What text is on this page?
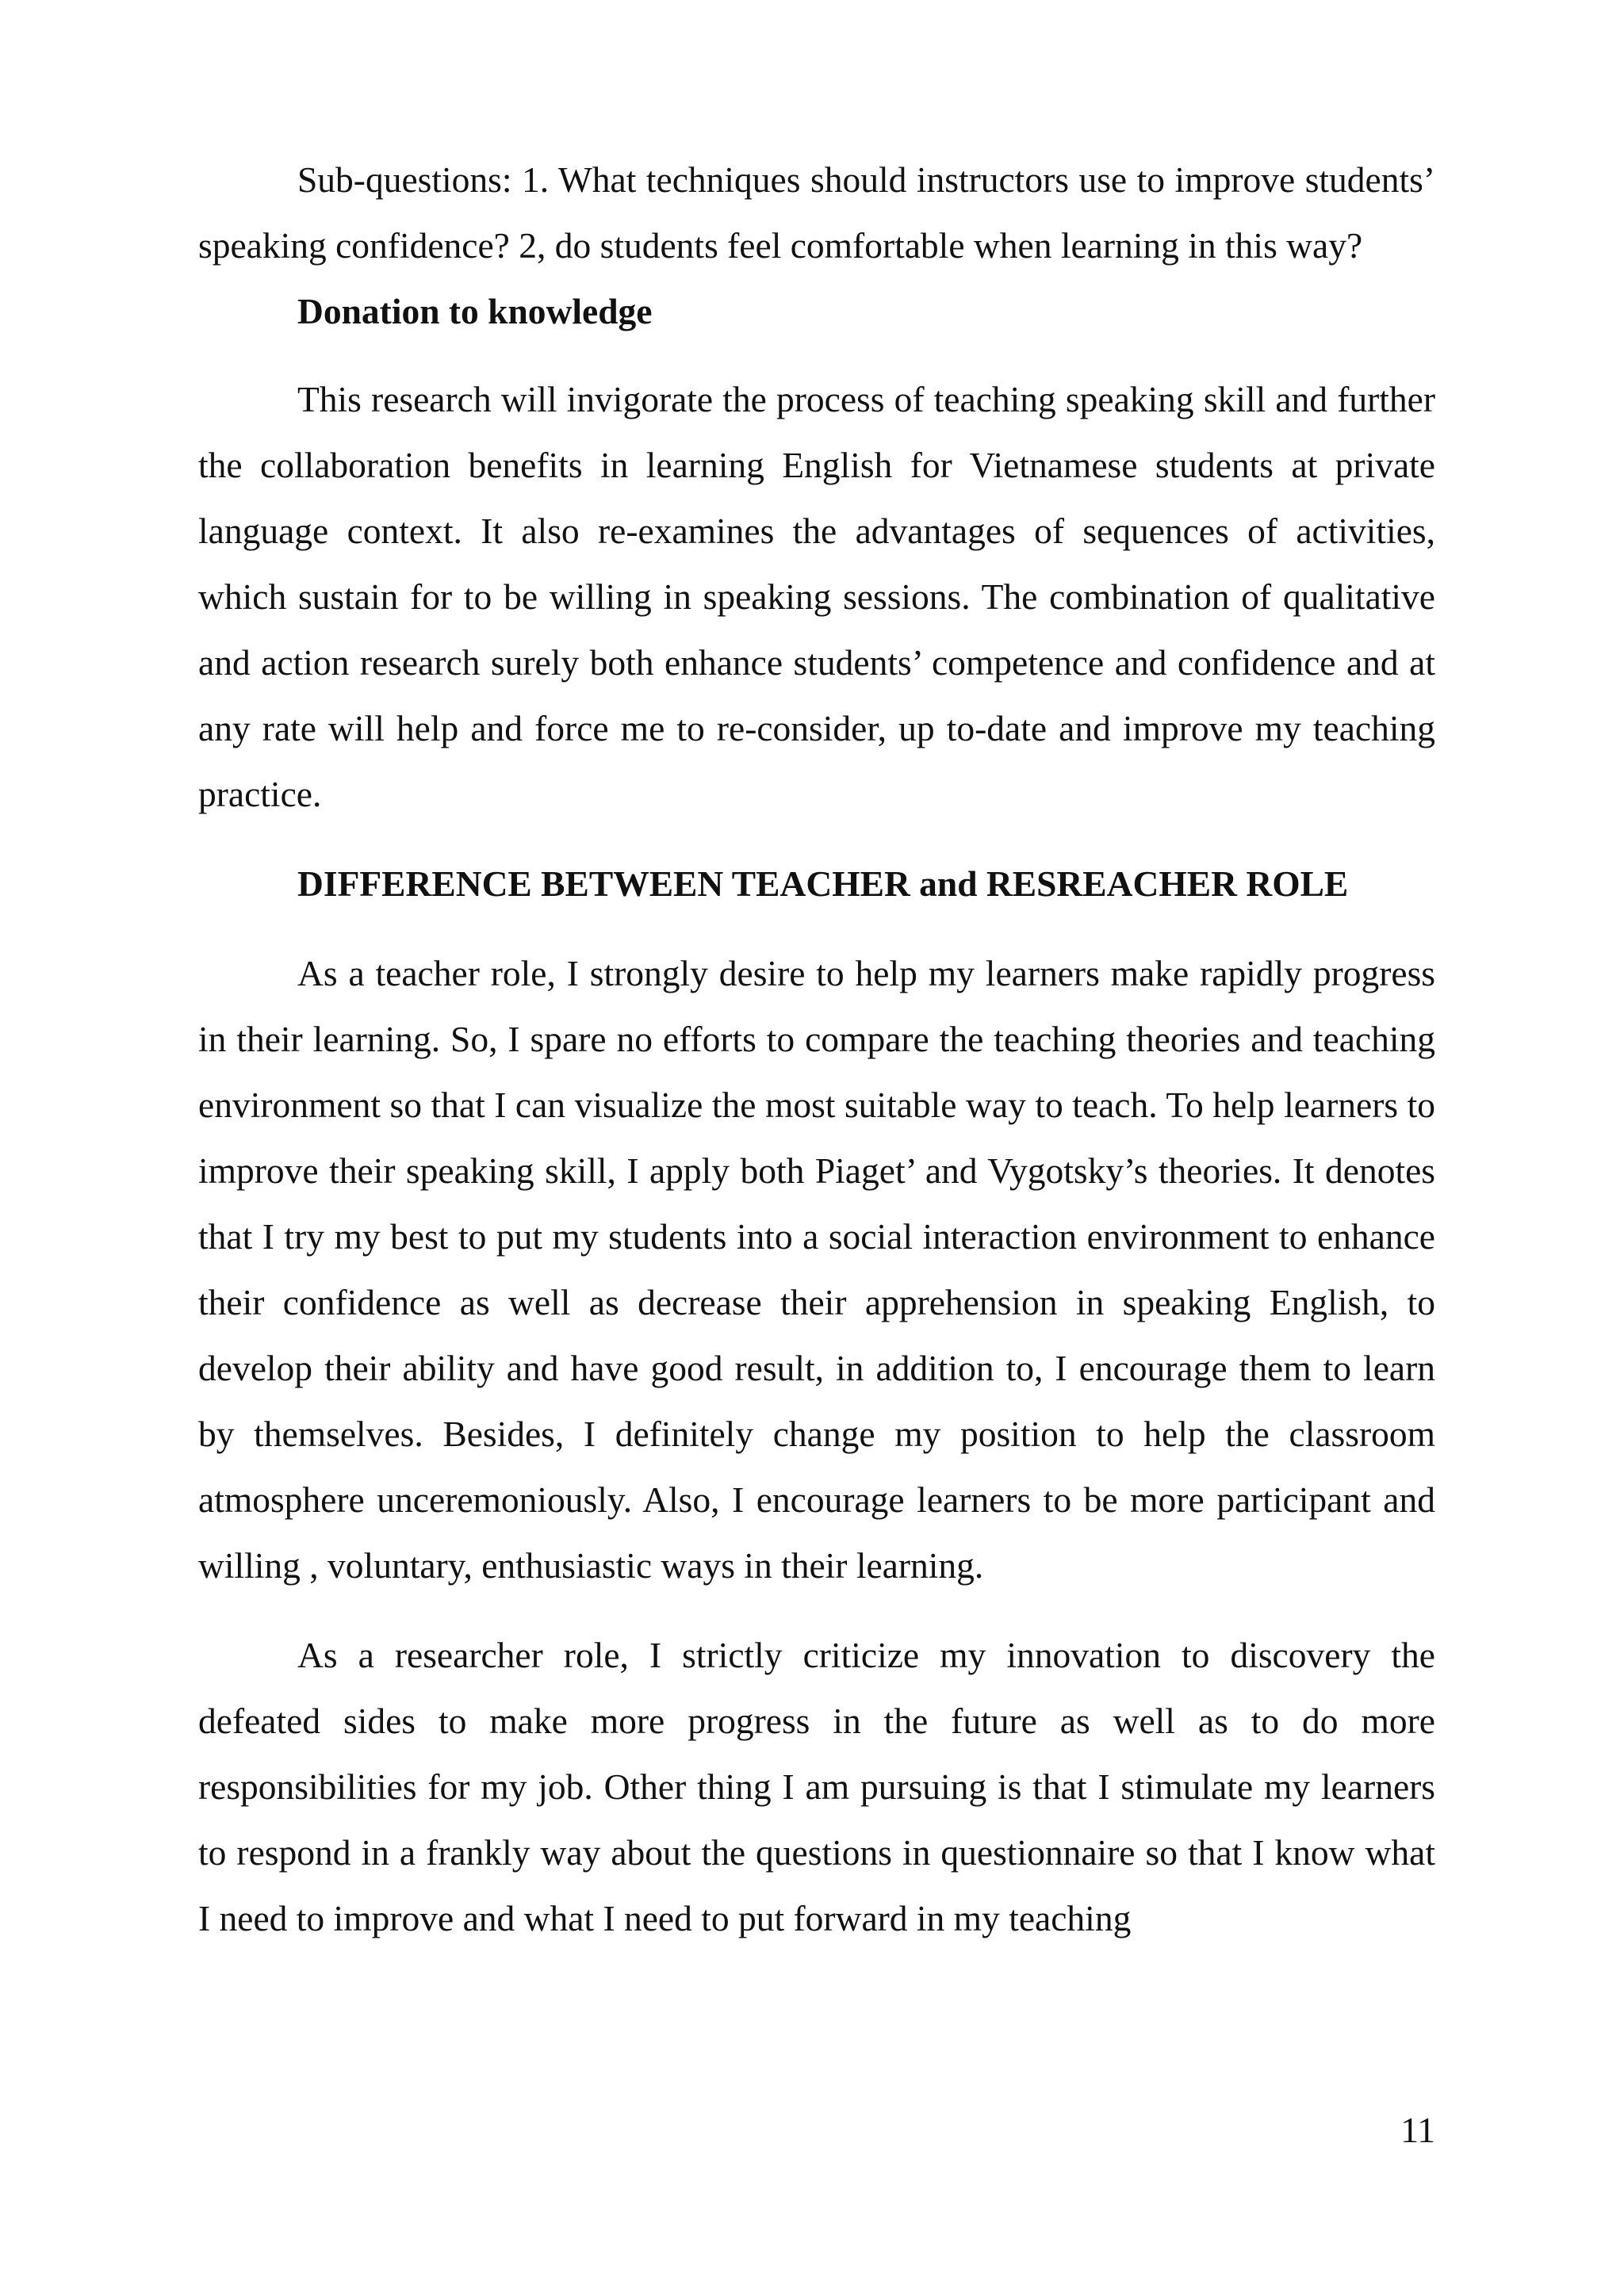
Sub-questions: 1. What techniques should instructors use to improve students’ speaking confidence? 2, do students feel comfortable when learning in this way?

Donation to knowledge

This research will invigorate the process of teaching speaking skill and further the collaboration benefits in learning English for Vietnamese students at private language context. It also re-examines the advantages of sequences of activities, which sustain for to be willing in speaking sessions. The combination of qualitative and action research surely both enhance students’ competence and confidence and at any rate will help and force me to re-consider, up to-date and improve my teaching practice.

DIFFERENCE BETWEEN TEACHER and RESREACHER ROLE

As a teacher role, I strongly desire to help my learners make rapidly progress in their learning. So, I spare no efforts to compare the teaching theories and teaching environment so that I can visualize the most suitable way to teach. To help learners to improve their speaking skill, I apply both Piaget’ and Vygotsky’s theories. It denotes that I try my best to put my students into a social interaction environment to enhance their confidence as well as decrease their apprehension in speaking English, to develop their ability and have good result, in addition to, I encourage them to learn by themselves. Besides, I definitely change my position to help the classroom atmosphere unceremoniously. Also, I encourage learners to be more participant and willing , voluntary, enthusiastic ways in their learning.

As a researcher role, I strictly criticize my innovation to discovery the defeated sides to make more progress in the future as well as to do more responsibilities for my job. Other thing I am pursuing is that I stimulate my learners to respond in a frankly way about the questions in questionnaire so that I know what I need to improve and what I need to put forward in my teaching

11
